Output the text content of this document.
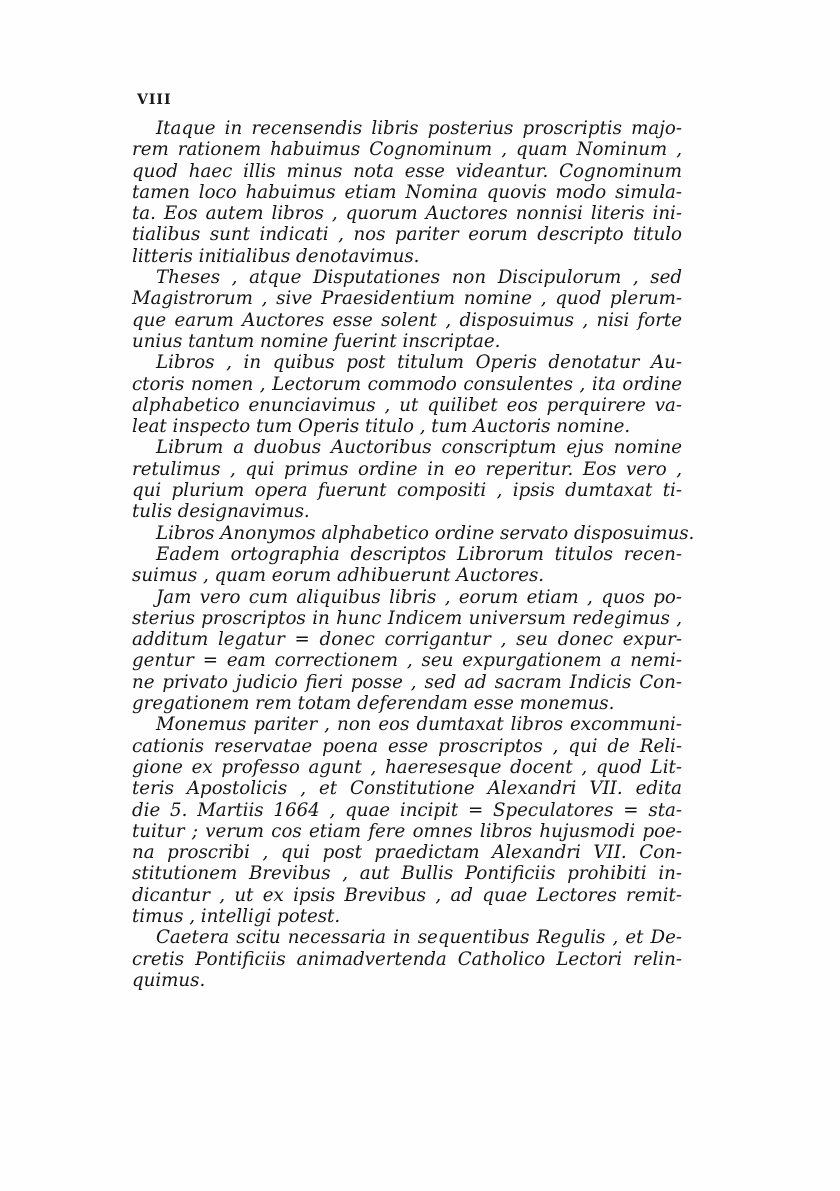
VIII

Itaque in recensendis libris posterius proscriptis majo-
rem rationem habuimus Cognominum , quam Nominum ,
quod haec illis minus nota esse videantur. Cognominum
tamen loco habuimus etiam Nomina quovis modo simula-
ta. Eos autem libros , quorum Auctores nonnisi literis ini-
tialibus sunt indicati , nos pariter eorum descripto titulo
litteris initialibus denotavimus.

Theses , atque Disputationes non Discipulorum , sed
Magistrorum , sive Praesidentium nomine , quod plerum-
que earum Auctores esse solent , disposuimus , nisi forte
unius tantum nomine fuerint inscriptae.

Libros , in quibus post titulum Operis denotatur Au-
ctoris nomen , Lectorum commodo consulentes , ita ordine
alphabetico enunciavimus , ut quilibet eos perquirere va-
leat inspecto tum Operis titulo , tum Auctoris nomine.

Librum a duobus Auctoribus conscriptum ejus nomine
retulimus , qui primus ordine in eo reperitur. Eos vero ,
qui plurium opera fuerunt compositi , ipsis dumtaxat ti-
tulis designavimus.

Libros Anonymos alphabetico ordine servato disposuimus.

Eadem ortographia descriptos Librorum titulos recen-
suimus , quam eorum adhibuerunt Auctores.

Jam vero cum aliquibus libris , eorum etiam , quos po-
sterius proscriptos in hunc Indicem universum redegimus ,
additum legatur = donec corrigantur , seu donec expur-
gentur = eam correctionem , seu expurgationem a nemi-
ne privato judicio fieri posse , sed ad sacram Indicis Con-
gregationem rem totam deferendam esse monemus.

Monemus pariter , non eos dumtaxat libros excommuni-
cationis reservatae poena esse proscriptos , qui de Reli-
gione ex professo agunt , haeresesque docent , quod Lit-
teris Apostolicis , et Constitutione Alexandri VII. edita
die 5. Martiis 1664 , quae incipit = Speculatores = sta-
tuitur ; verum cos etiam fere omnes libros hujusmodi poe-
na proscribi , qui post praedictam Alexandri VII. Con-
stitutionem Brevibus , aut Bullis Pontificiis prohibiti in-
dicantur , ut ex ipsis Brevibus , ad quae Lectores remit-
timus , intelligi potest.

Caetera scitu necessaria in sequentibus Regulis , et De-
cretis Pontificiis animadvertenda Catholico Lectori relin-
quimus.
